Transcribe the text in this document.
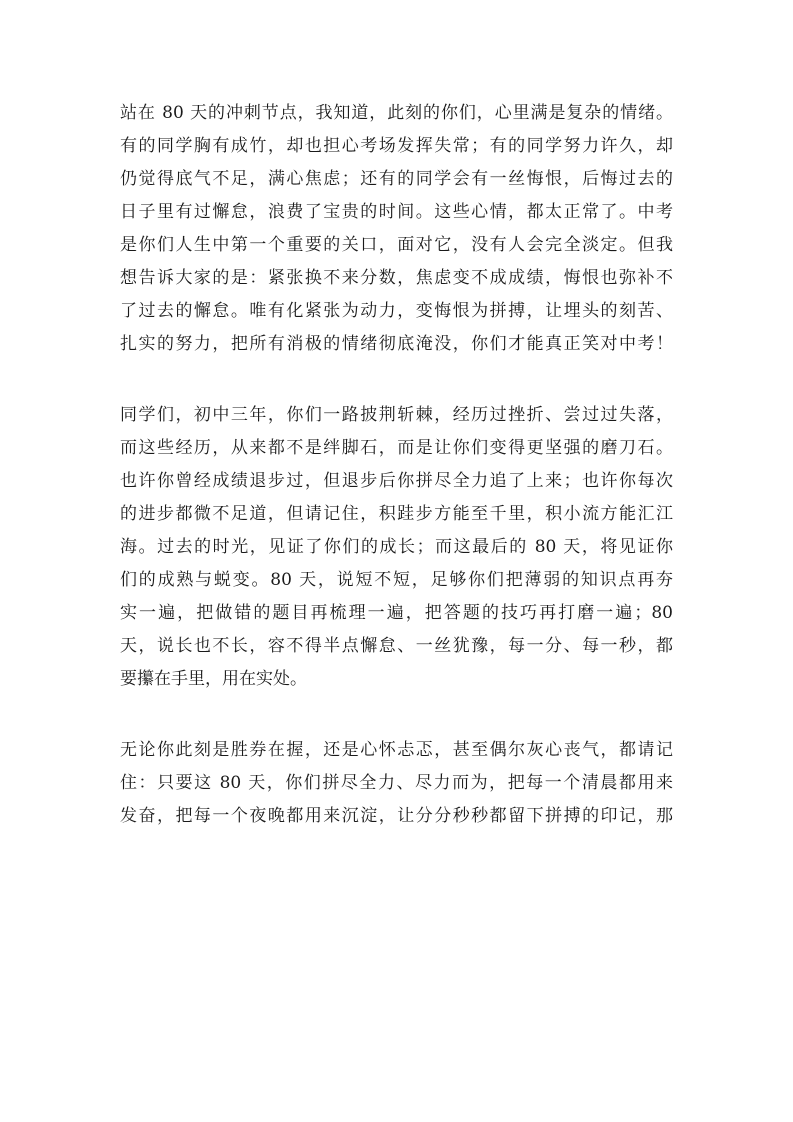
站在 80 天的冲刺节点，我知道，此刻的你们，心里满是复杂的情绪。
有的同学胸有成竹，却也担心考场发挥失常；有的同学努力许久，却
仍觉得底气不足，满心焦虑；还有的同学会有一丝悔恨，后悔过去的
日子里有过懈怠，浪费了宝贵的时间。这些心情，都太正常了。中考
是你们人生中第一个重要的关口，面对它，没有人会完全淡定。但我
想告诉大家的是：紧张换不来分数，焦虑变不成成绩，悔恨也弥补不
了过去的懈怠。唯有化紧张为动力，变悔恨为拼搏，让埋头的刻苦、
扎实的努力，把所有消极的情绪彻底淹没，你们才能真正笑对中考！
同学们，初中三年，你们一路披荆斩棘，经历过挫折、尝过过失落，
而这些经历，从来都不是绊脚石，而是让你们变得更坚强的磨刀石。
也许你曾经成绩退步过，但退步后你拼尽全力追了上来；也许你每次
的进步都微不足道，但请记住，积跬步方能至千里，积小流方能汇江
海。过去的时光，见证了你们的成长；而这最后的 80 天，将见证你
们的成熟与蜕变。80 天，说短不短，足够你们把薄弱的知识点再夯
实一遍，把做错的题目再梳理一遍，把答题的技巧再打磨一遍；80
天，说长也不长，容不得半点懈怠、一丝犹豫，每一分、每一秒，都
要攥在手里，用在实处。
无论你此刻是胜券在握，还是心怀忐忑，甚至偶尔灰心丧气，都请记
住：只要这 80 天，你们拼尽全力、尽力而为，把每一个清晨都用来
发奋，把每一个夜晚都用来沉淀，让分分秒秒都留下拼搏的印记，那
